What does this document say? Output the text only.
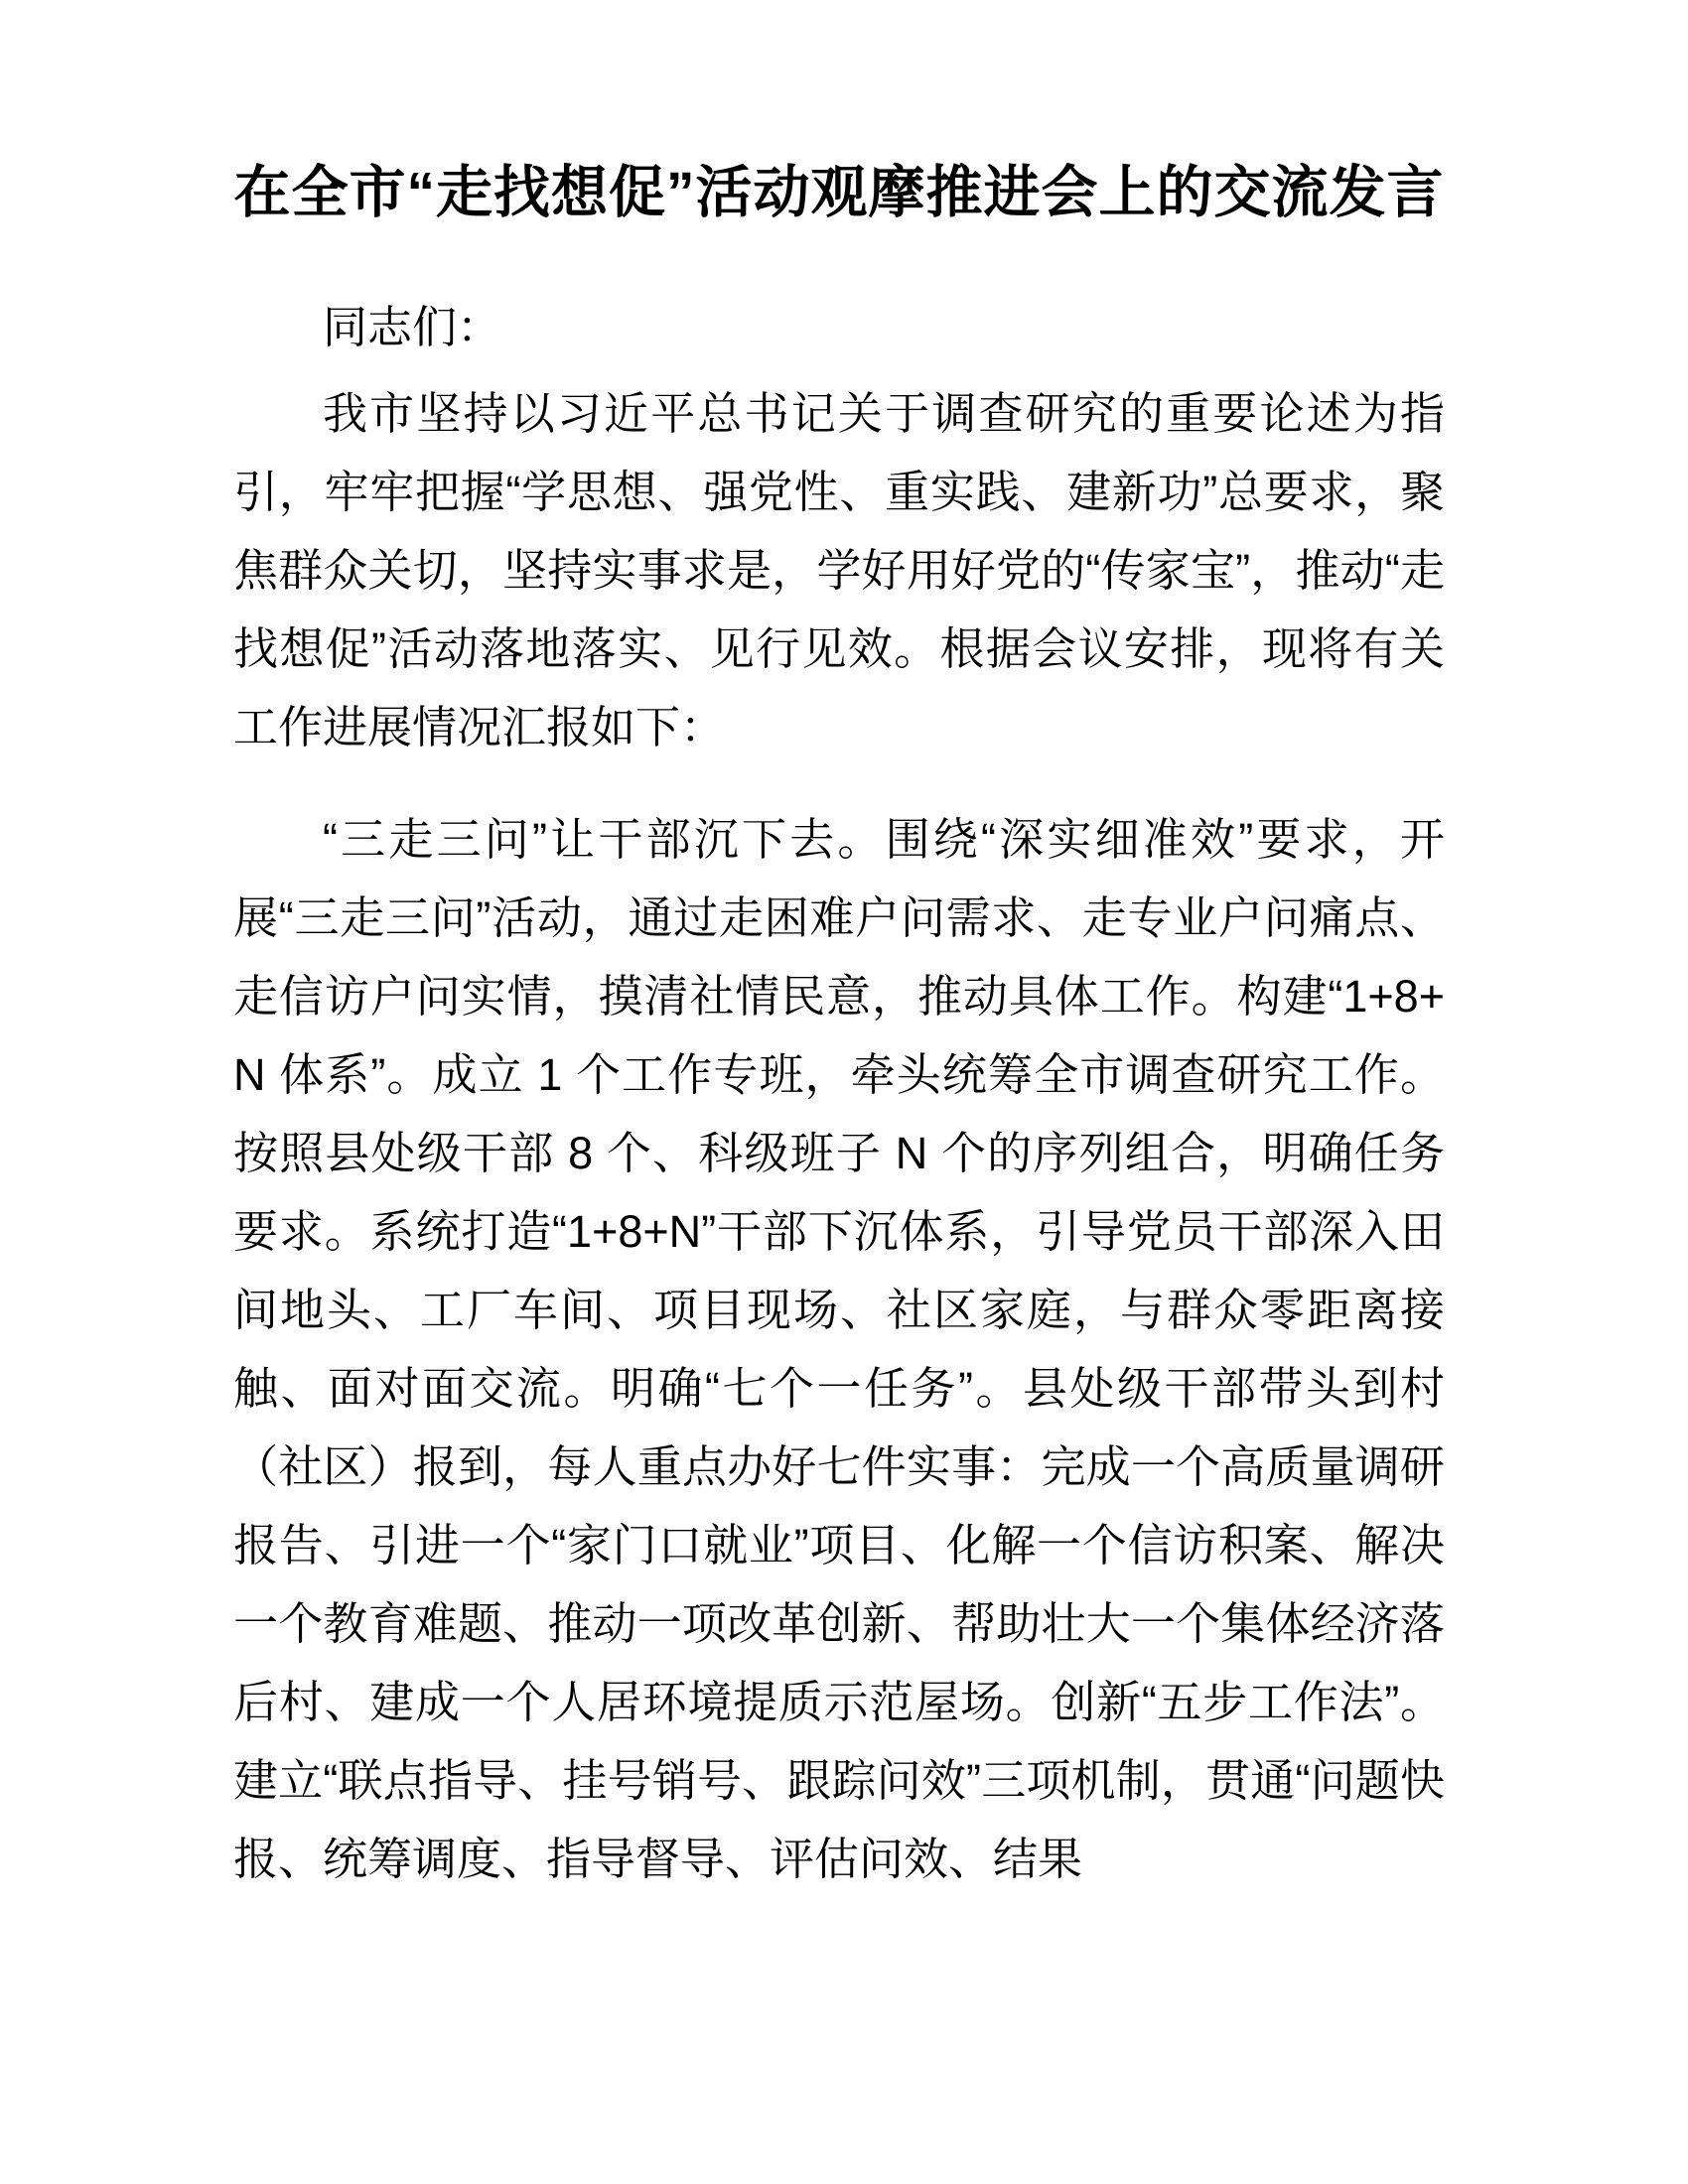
在全市“走找想促”活动观摩推进会上的交流发言

同志们：

我市坚持以习近平总书记关于调查研究的重要论述为指引，牢牢把握“学思想、强党性、重实践、建新功”总要求，聚焦群众关切，坚持实事求是，学好用好党的“传家宝”，推动“走找想促”活动落地落实、见行见效。根据会议安排，现将有关工作进展情况汇报如下：

“三走三问”让干部沉下去。围绕“深实细准效”要求，开展“三走三问”活动，通过走困难户问需求、走专业户问痛点、走信访户问实情，摸清社情民意，推动具体工作。构建“1+8+N 体系”。成立 1 个工作专班，牵头统筹全市调查研究工作。按照县处级干部 8 个、科级班子 N 个的序列组合，明确任务要求。系统打造“1+8+N”干部下沉体系，引导党员干部深入田间地头、工厂车间、项目现场、社区家庭，与群众零距离接触、面对面交流。明确“七个一任务”。县处级干部带头到村（社区）报到，每人重点办好七件实事：完成一个高质量调研报告、引进一个“家门口就业”项目、化解一个信访积案、解决一个教育难题、推动一项改革创新、帮助壮大一个集体经济落后村、建成一个人居环境提质示范屋场。创新“五步工作法”。建立“联点指导、挂号销号、跟踪问效”三项机制，贯通“问题快报、统筹调度、指导督导、评估问效、结果
